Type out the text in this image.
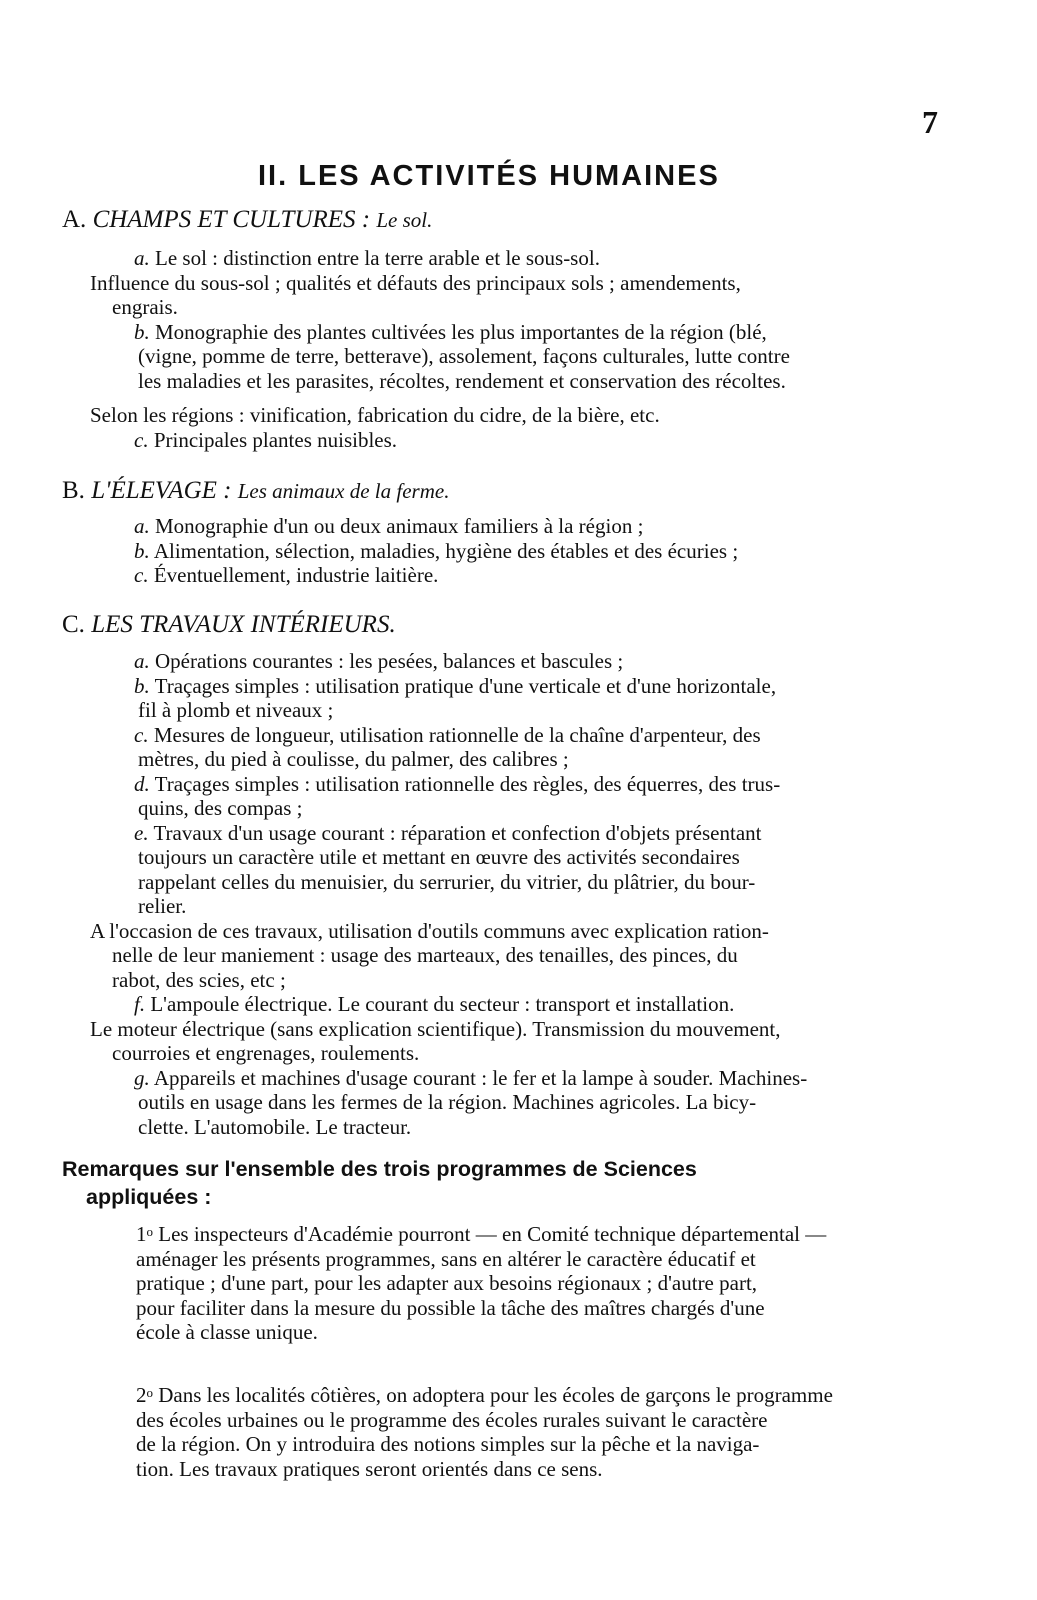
7
II. LES ACTIVITÉS HUMAINES
A. CHAMPS ET CULTURES : Le sol.
a. Le sol : distinction entre la terre arable et le sous-sol.
Influence du sous-sol ; qualités et défauts des principaux sols ; amendements,
engrais.
b. Monographie des plantes cultivées les plus importantes de la région (blé,
(vigne, pomme de terre, betterave), assolement, façons culturales, lutte contre
les maladies et les parasites, récoltes, rendement et conservation des récoltes.
Selon les régions : vinification, fabrication du cidre, de la bière, etc.
c. Principales plantes nuisibles.
B. L'ÉLEVAGE : Les animaux de la ferme.
a. Monographie d'un ou deux animaux familiers à la région ;
b. Alimentation, sélection, maladies, hygiène des étables et des écuries ;
c. Éventuellement, industrie laitière.
C. LES TRAVAUX INTÉRIEURS.
a. Opérations courantes : les pesées, balances et bascules ;
b. Traçages simples : utilisation pratique d'une verticale et d'une horizontale,
fil à plomb et niveaux ;
c. Mesures de longueur, utilisation rationnelle de la chaîne d'arpenteur, des
mètres, du pied à coulisse, du palmer, des calibres ;
d. Traçages simples : utilisation rationnelle des règles, des équerres, des trus-
quins, des compas ;
e. Travaux d'un usage courant : réparation et confection d'objets présentant
toujours un caractère utile et mettant en œuvre des activités secondaires
rappelant celles du menuisier, du serrurier, du vitrier, du plâtrier, du bour-
relier.
A l'occasion de ces travaux, utilisation d'outils communs avec explication ration-
nelle de leur maniement : usage des marteaux, des tenailles, des pinces, du
rabot, des scies, etc ;
f. L'ampoule électrique. Le courant du secteur : transport et installation.
Le moteur électrique (sans explication scientifique). Transmission du mouvement,
courroies et engrenages, roulements.
g. Appareils et machines d'usage courant : le fer et la lampe à souder. Machines-
outils en usage dans les fermes de la région. Machines agricoles. La bicy-
clette. L'automobile. Le tracteur.
Remarques sur l'ensemble des trois programmes de Sciences
appliquées :
1$^o$ Les inspecteurs d'Académie pourront — en Comité technique départemental —
aménager les présents programmes, sans en altérer le caractère éducatif et
pratique ; d'une part, pour les adapter aux besoins régionaux ; d'autre part,
pour faciliter dans la mesure du possible la tâche des maîtres chargés d'une
école à classe unique.
2$^o$ Dans les localités côtières, on adoptera pour les écoles de garçons le programme
des écoles urbaines ou le programme des écoles rurales suivant le caractère
de la région. On y introduira des notions simples sur la pêche et la naviga-
tion. Les travaux pratiques seront orientés dans ce sens.
